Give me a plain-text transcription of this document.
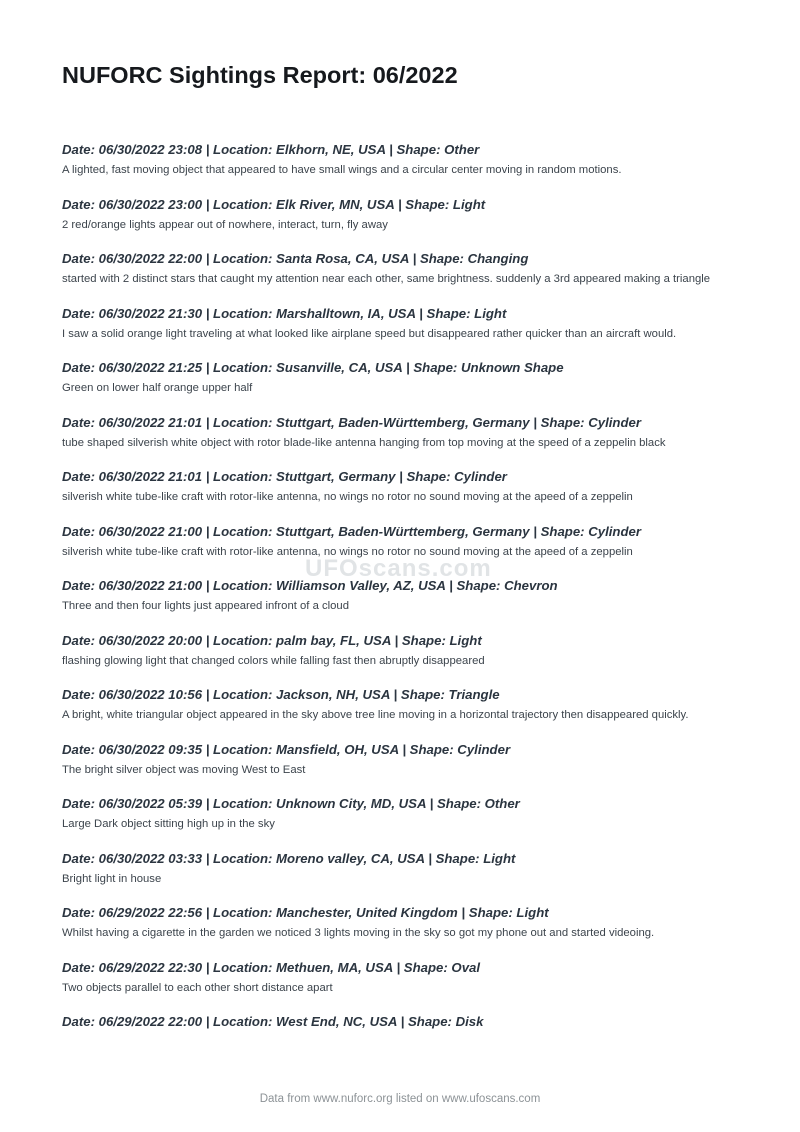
NUFORC Sightings Report: 06/2022
Date: 06/30/2022 23:08 | Location: Elkhorn, NE, USA | Shape: Other
A lighted, fast moving object that appeared to have small wings and a circular center moving in random motions.
Date: 06/30/2022 23:00 | Location: Elk River, MN, USA | Shape: Light
2 red/orange lights appear out of nowhere, interact, turn, fly away
Date: 06/30/2022 22:00 | Location: Santa Rosa, CA, USA | Shape: Changing
started with 2 distinct stars that caught my attention near each other, same brightness. suddenly a 3rd appeared making a triangle
Date: 06/30/2022 21:30 | Location: Marshalltown, IA, USA | Shape: Light
I saw a solid orange light traveling at what looked like airplane speed but disappeared rather quicker than an aircraft would.
Date: 06/30/2022 21:25 | Location: Susanville, CA, USA | Shape: Unknown Shape
Green on lower half orange upper half
Date: 06/30/2022 21:01 | Location: Stuttgart, Baden-Württemberg, Germany | Shape: Cylinder
tube shaped silverish white object with rotor blade-like antenna hanging from top moving at the speed of a zeppelin black
Date: 06/30/2022 21:01 | Location: Stuttgart, Germany | Shape: Cylinder
silverish white tube-like craft with rotor-like antenna, no wings no rotor no sound moving at the apeed of a zeppelin
Date: 06/30/2022 21:00 | Location: Stuttgart, Baden-Württemberg, Germany | Shape: Cylinder
silverish white tube-like craft with rotor-like antenna, no wings no rotor no sound moving at the apeed of a zeppelin
Date: 06/30/2022 21:00 | Location: Williamson Valley, AZ, USA | Shape: Chevron
Three and then four lights just appeared infront of a cloud
Date: 06/30/2022 20:00 | Location: palm bay, FL, USA | Shape: Light
flashing glowing light that changed colors while falling fast then abruptly disappeared
Date: 06/30/2022 10:56 | Location: Jackson, NH, USA | Shape: Triangle
A bright, white triangular object appeared in the sky above tree line moving in a horizontal trajectory then disappeared quickly.
Date: 06/30/2022 09:35 | Location: Mansfield, OH, USA | Shape: Cylinder
The bright silver object was moving West to East
Date: 06/30/2022 05:39 | Location: Unknown City, MD, USA | Shape: Other
Large Dark object sitting high up in the sky
Date: 06/30/2022 03:33 | Location: Moreno valley, CA, USA | Shape: Light
Bright light in house
Date: 06/29/2022 22:56 | Location: Manchester, United Kingdom | Shape: Light
Whilst having a cigarette in the garden we noticed 3 lights moving in the sky so got my phone out and started videoing.
Date: 06/29/2022 22:30 | Location: Methuen, MA, USA | Shape: Oval
Two objects parallel to each other short distance apart
Date: 06/29/2022 22:00 | Location: West End, NC, USA | Shape: Disk
UFOscans.com
Data from www.nuforc.org listed on www.ufoscans.com
